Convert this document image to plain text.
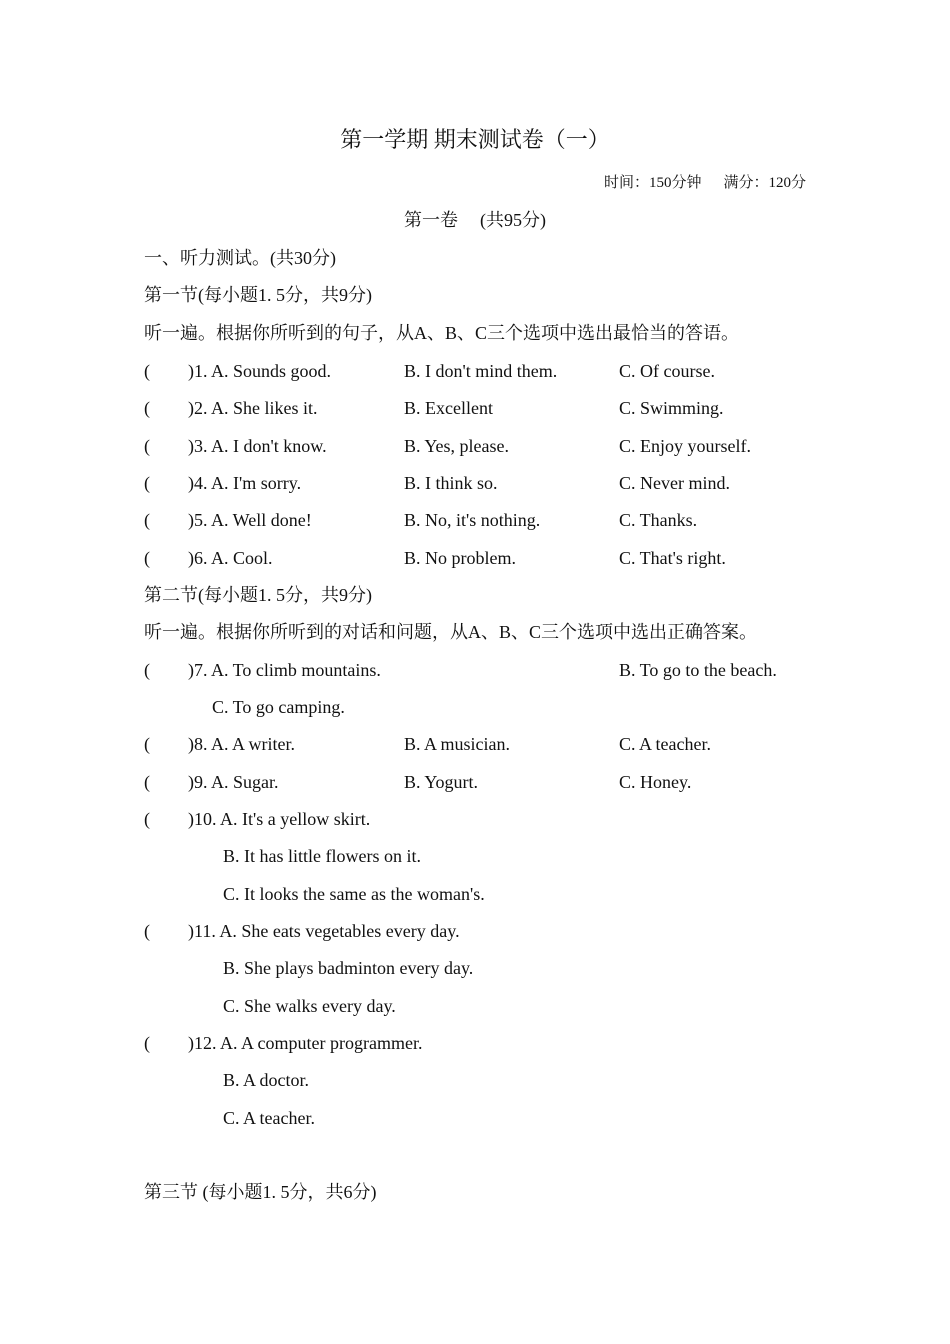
第一学期 期末测试卷（一）
时间：150分钟 满分：120分
第一卷 (共95分)
一、听力测试。(共30分)
第一节(每小题1. 5分，共9分)
听一遍。根据你所听到的句子，从A、B、C三个选项中选出最恰当的答语。
( )1. A. Sounds good.	B. I don't mind them.	C. Of course.
( )2. A. She likes it.	B. Excellent	C. Swimming.
( )3. A. I don't know.	B. Yes, please.	C. Enjoy yourself.
( )4. A. I'm sorry.	B. I think so.	C. Never mind.
( )5. A. Well done!	B. No, it's nothing.	C. Thanks.
( )6. A. Cool.	B. No problem.	C. That's right.
第二节(每小题1. 5分，共9分)
听一遍。根据你所听到的对话和问题，从A、B、C三个选项中选出正确答案。
( )7. A. To climb mountains.	B. To go to the beach.
C. To go camping.
( )8. A. A writer.	B. A musician.	C. A teacher.
( )9. A. Sugar.	B. Yogurt.	C. Honey.
( )10. A. It's a yellow skirt.
B. It has little flowers on it.
C. It looks the same as the woman's.
( )11. A. She eats vegetables every day.
B. She plays badminton every day.
C. She walks every day.
( )12. A. A computer programmer.
B. A doctor.
C. A teacher.
第三节 (每小题1. 5分，共6分)
